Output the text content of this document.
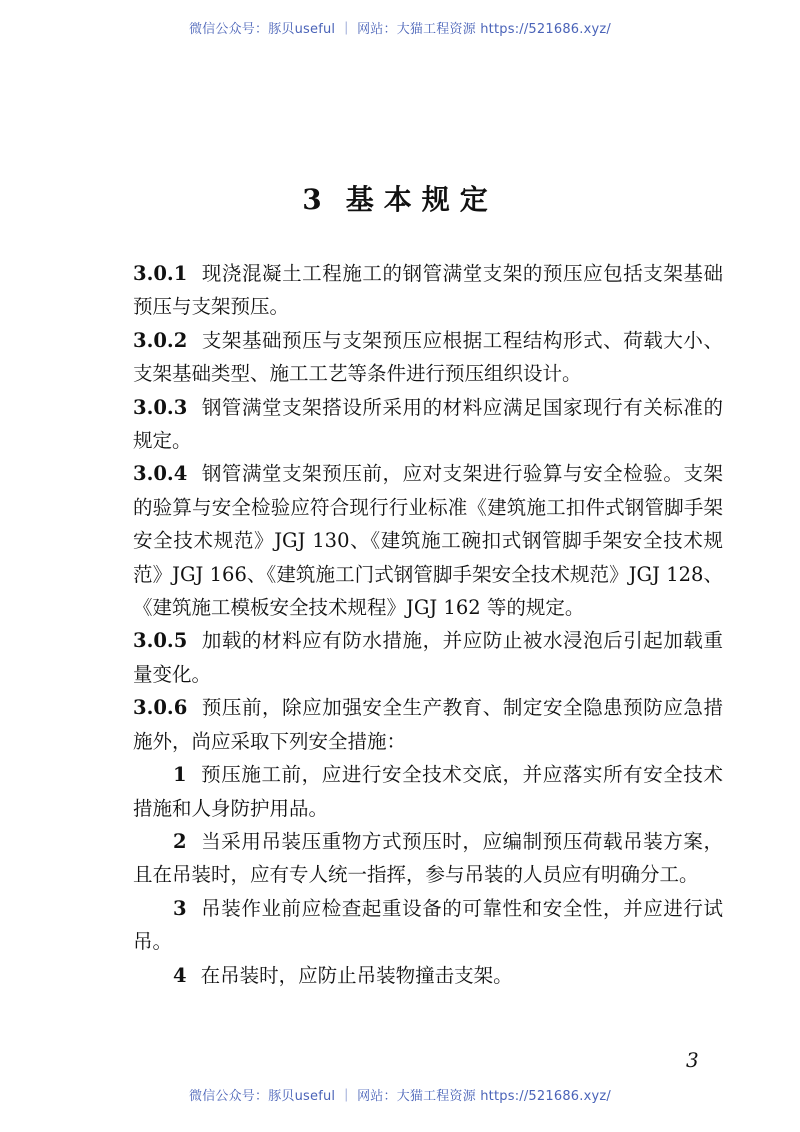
微信公众号：豚贝useful ｜ 网站：大猫工程资源 https://521686.xyz/
3 基本规定

3.0.1 现浇混凝土工程施工的钢管满堂支架的预压应包括支架基础预压与支架预压。

3.0.2 支架基础预压与支架预压应根据工程结构形式、荷载大小、支架基础类型、施工工艺等条件进行预压组织设计。

3.0.3 钢管满堂支架搭设所采用的材料应满足国家现行有关标准的规定。

3.0.4 钢管满堂支架预压前，应对支架进行验算与安全检验。支架的验算与安全检验应符合现行行业标准《建筑施工扣件式钢管脚手架安全技术规范》JGJ 130、《建筑施工碗扣式钢管脚手架安全技术规范》JGJ 166、《建筑施工门式钢管脚手架安全技术规范》JGJ 128、《建筑施工模板安全技术规程》JGJ 162 等的规定。

3.0.5 加载的材料应有防水措施，并应防止被水浸泡后引起加载重量变化。

3.0.6 预压前，除应加强安全生产教育、制定安全隐患预防应急措施外，尚应采取下列安全措施：

1 预压施工前，应进行安全技术交底，并应落实所有安全技术措施和人身防护用品。

2 当采用吊装压重物方式预压时，应编制预压荷载吊装方案，且在吊装时，应有专人统一指挥，参与吊装的人员应有明确分工。

3 吊装作业前应检查起重设备的可靠性和安全性，并应进行试吊。

4 在吊装时，应防止吊装物撞击支架。

3
微信公众号：豚贝useful ｜ 网站：大猫工程资源 https://521686.xyz/
